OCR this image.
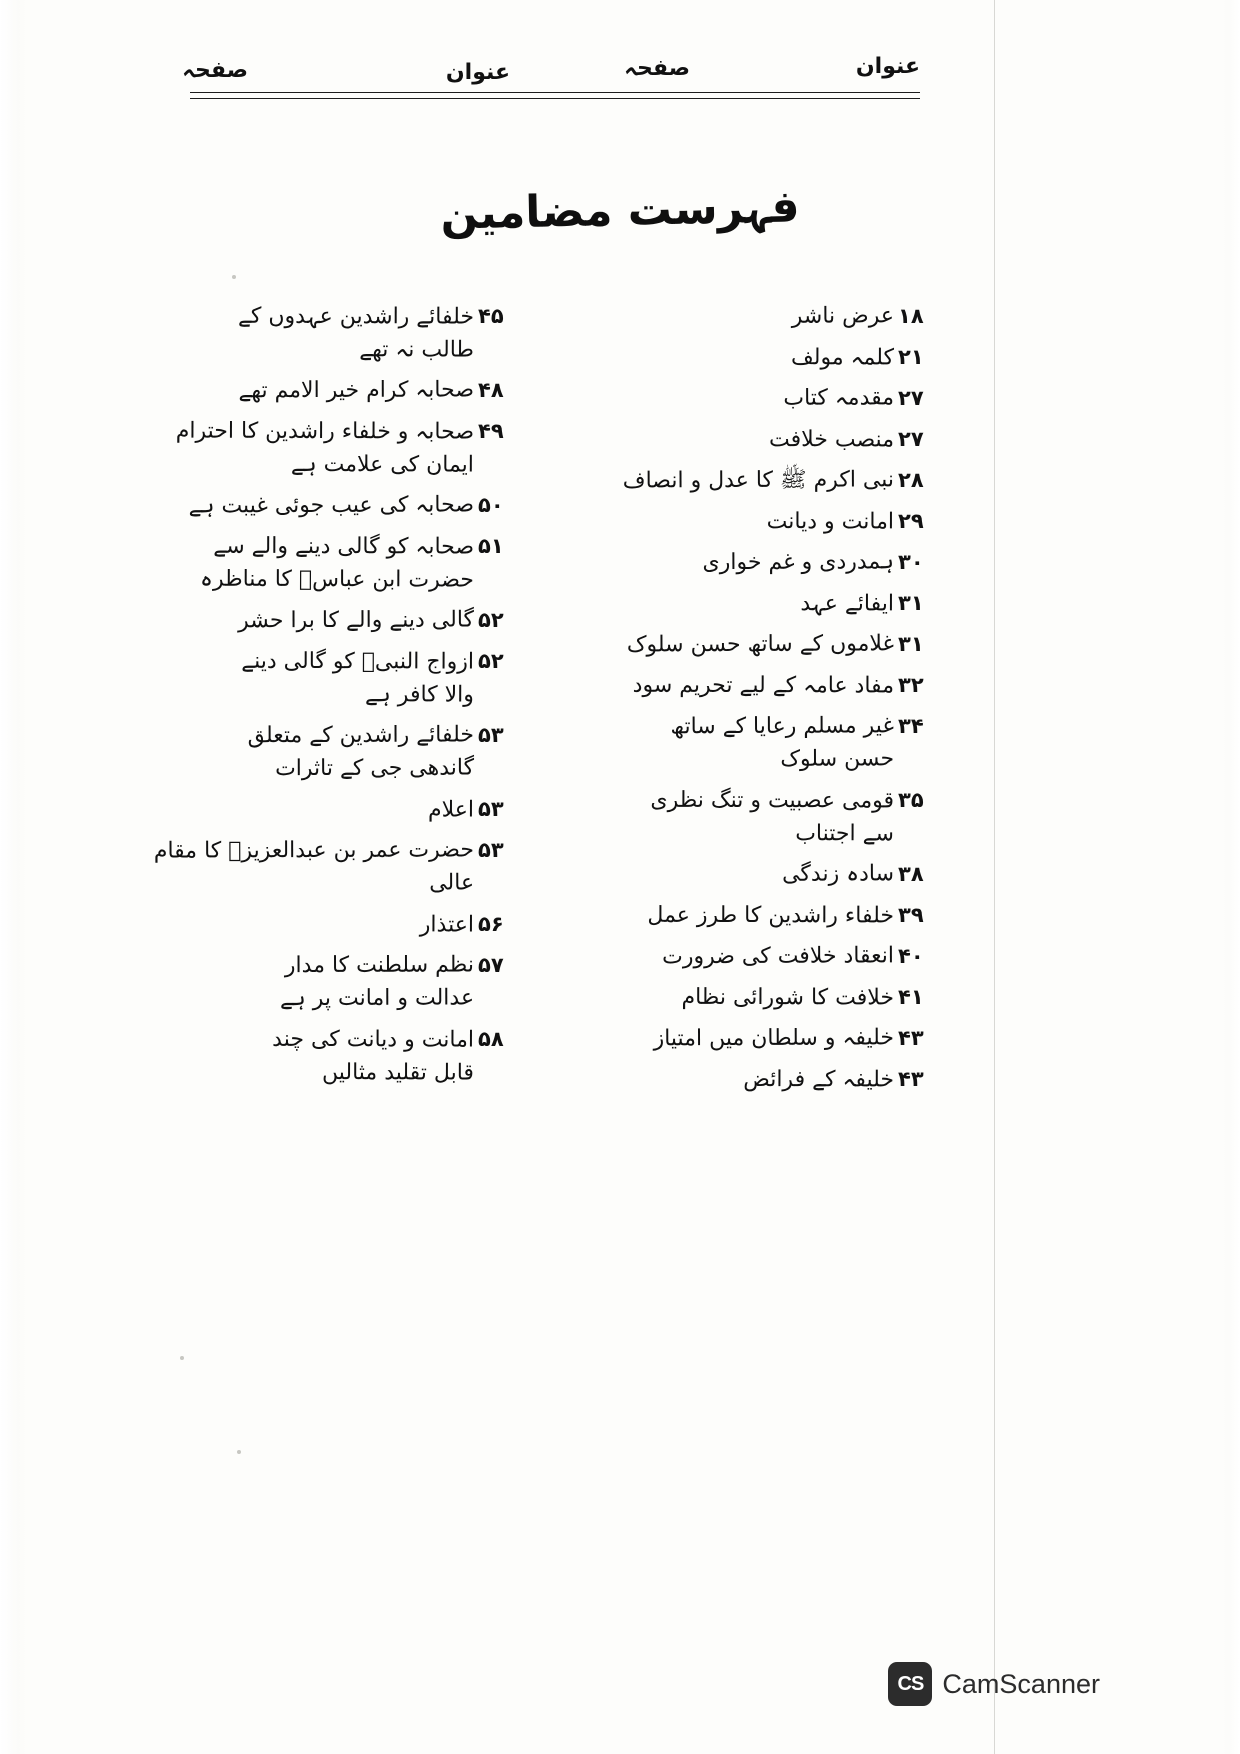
عنوان
صفحہ
عنوان
صفحہ
فہرست مضامین
۱۸
عرض ناشر
۲۱
کلمہ مولف
۲۷
مقدمہ کتاب
۲۷
منصب خلافت
۲۸
نبی اکرم ﷺ کا عدل و انصاف
۲۹
امانت و دیانت
۳۰
ہمدردی و غم خواری
۳۱
ایفائے عہد
۳۱
غلاموں کے ساتھ حسن سلوک
۳۲
مفاد عامہ کے لیے تحریم سود
۳۴
غیر مسلم رعایا کے ساتھ
حسن سلوک
۳۵
قومی عصبیت و تنگ نظری
سے اجتناب
۳۸
سادہ زندگی
۳۹
خلفاء راشدین کا طرز عمل
۴۰
انعقاد خلافت کی ضرورت
۴۱
خلافت کا شورائی نظام
۴۳
خلیفہ و سلطان میں امتیاز
۴۳
خلیفہ کے فرائض
۴۵
خلفائے راشدین عہدوں کے
طالب نہ تھے
۴۸
صحابہ کرام خیر الامم تھے
۴۹
صحابہ و خلفاء راشدین کا احترام
ایمان کی علامت ہے
۵۰
صحابہ کی عیب جوئی غیبت ہے
۵۱
صحابہ کو گالی دینے والے سے
حضرت ابن عباسؓ کا مناظرہ
۵۲
گالی دینے والے کا برا حشر
۵۲
ازواج النبیؓ کو گالی دینے
والا کافر ہے
۵۳
خلفائے راشدین کے متعلق
گاندھی جی کے تاثرات
۵۳
اعلام
۵۳
حضرت عمر بن عبدالعزیزؒ کا مقام عالی
۵۶
اعتذار
۵۷
نظم سلطنت کا مدار
عدالت و امانت پر ہے
۵۸
امانت و دیانت کی چند
قابل تقلید مثالیں
CS CamScanner
